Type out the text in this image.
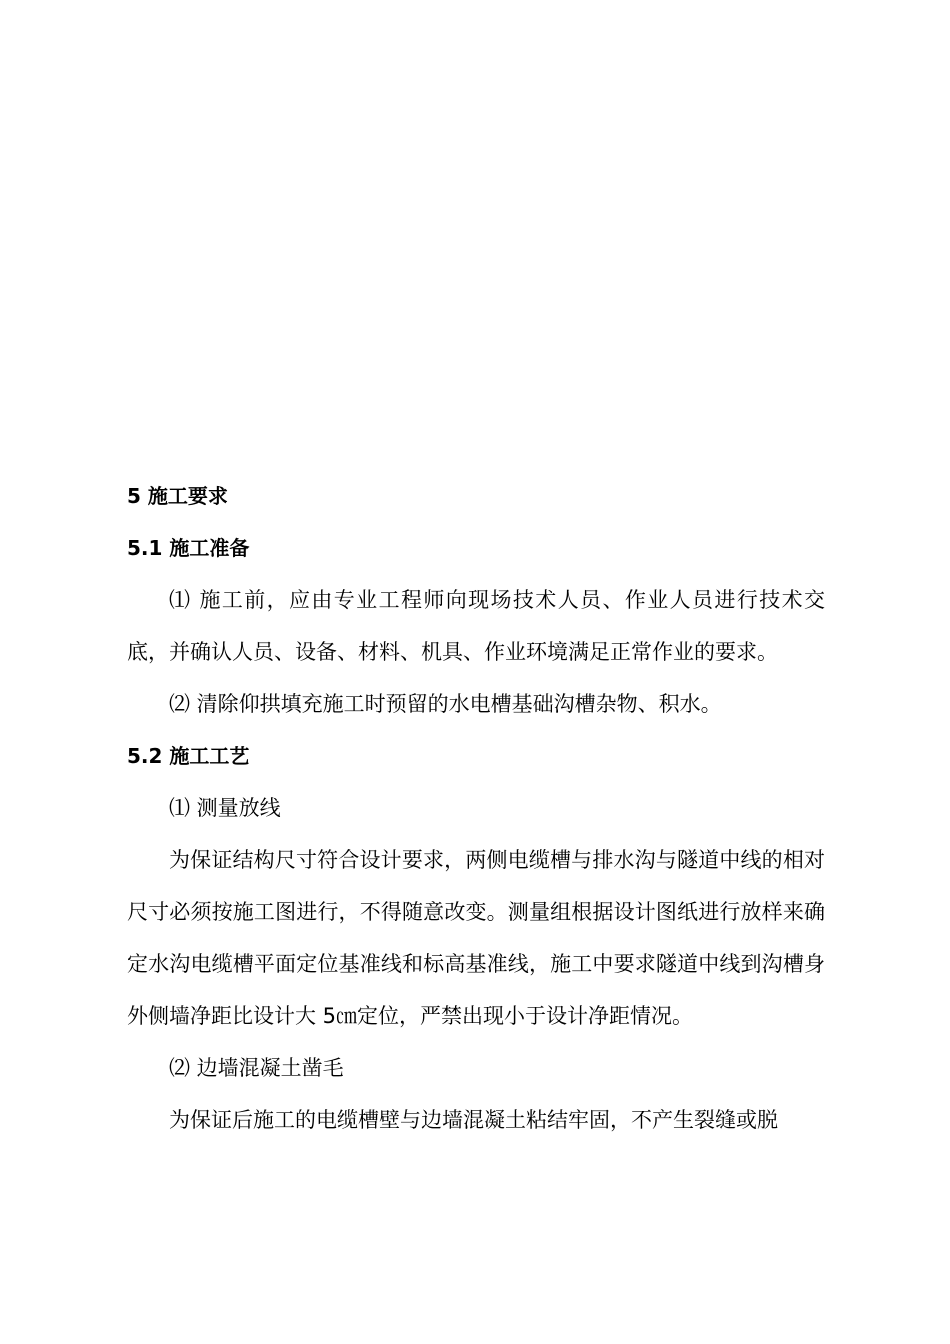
5 施工要求
5.1 施工准备

⑴ 施工前，应由专业工程师向现场技术人员、作业人员进行技术交底，并确认人员、设备、材料、机具、作业环境满足正常作业的要求。

⑵ 清除仰拱填充施工时预留的水电槽基础沟槽杂物、积水。

5.2 施工工艺

⑴ 测量放线

为保证结构尺寸符合设计要求，两侧电缆槽与排水沟与隧道中线的相对尺寸必须按施工图进行，不得随意改变。测量组根据设计图纸进行放样来确定水沟电缆槽平面定位基准线和标高基准线，施工中要求隧道中线到沟槽身外侧墙净距比设计大 5㎝定位，严禁出现小于设计净距情况。

⑵ 边墙混凝土凿毛

为保证后施工的电缆槽壁与边墙混凝土粘结牢固，不产生裂缝或脱
